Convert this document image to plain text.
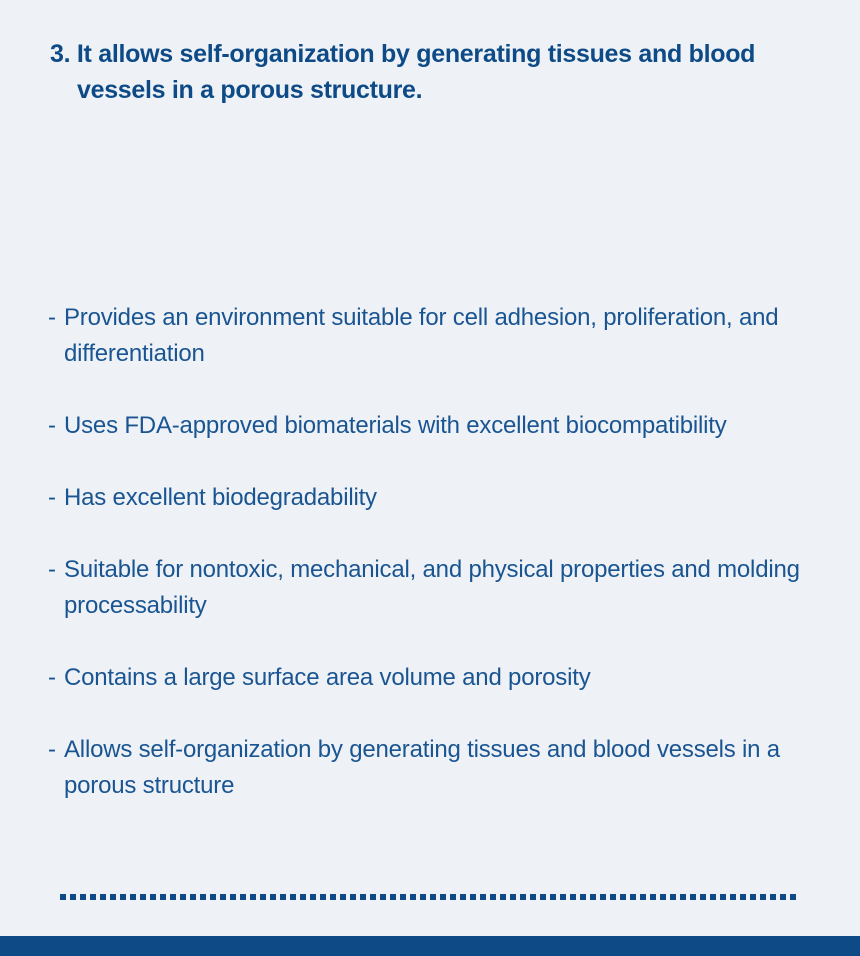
3. It allows self-organization by generating tissues and blood vessels in a porous structure.
- Provides an environment suitable for cell adhesion, proliferation, and differentiation
- Uses FDA-approved biomaterials with excellent biocompatibility
- Has excellent biodegradability
- Suitable for nontoxic, mechanical, and physical properties and molding processability
- Contains a large surface area volume and porosity
- Allows self-organization by generating tissues and blood vessels in a porous structure
